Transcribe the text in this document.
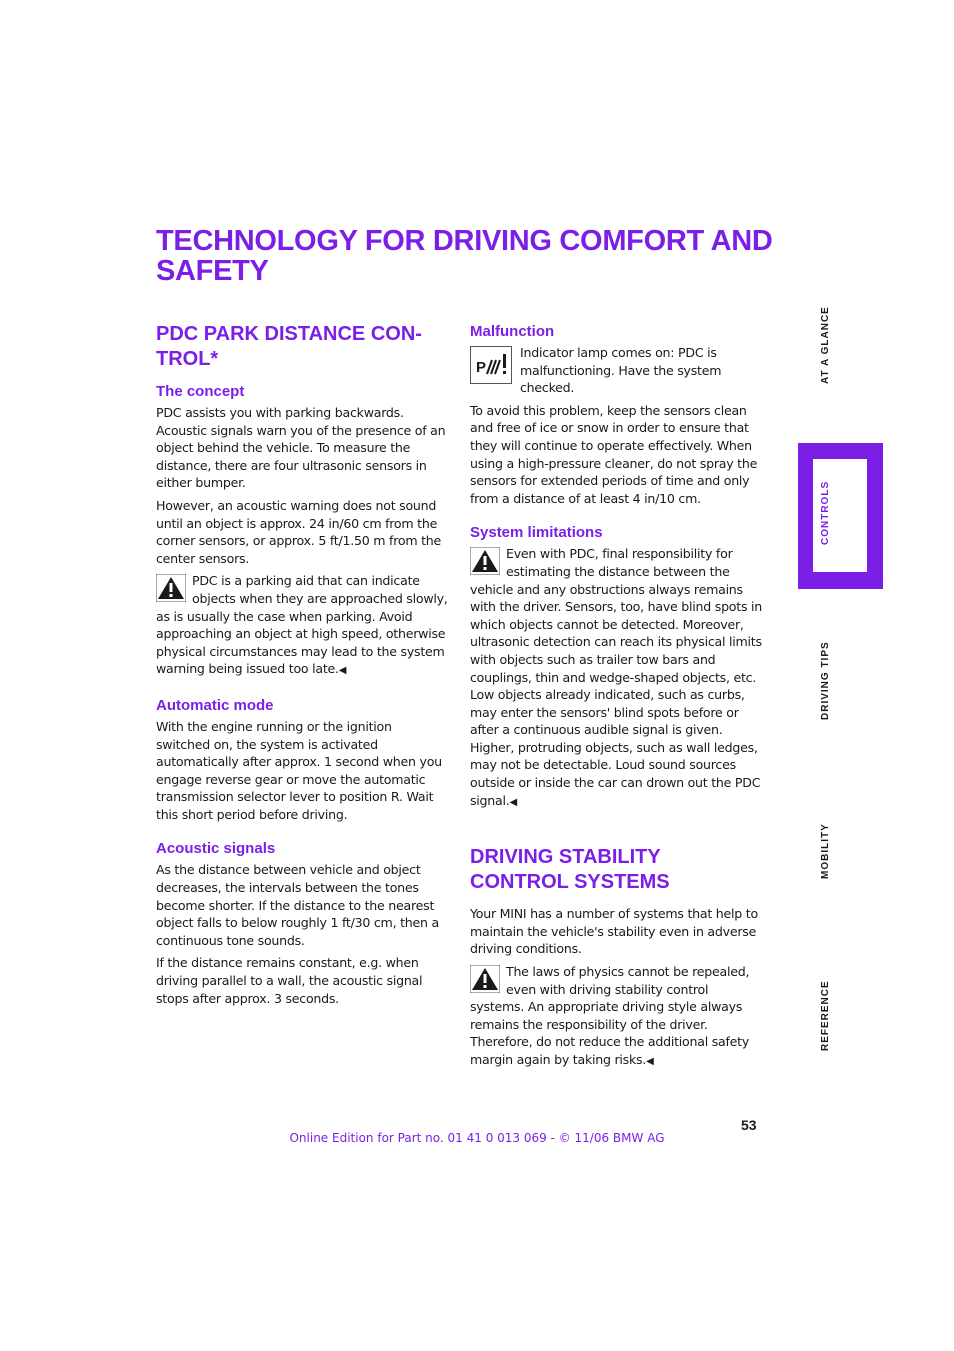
TECHNOLOGY FOR DRIVING COMFORT AND SAFETY
PDC PARK DISTANCE CON-TROL*
The concept

PDC assists you with parking backwards. Acoustic signals warn you of the presence of an object behind the vehicle. To measure the distance, there are four ultrasonic sensors in either bumper.

However, an acoustic warning does not sound until an object is approx. 24 in/60 cm from the corner sensors, or approx. 5 ft/1.50 m from the center sensors.

PDC is a parking aid that can indicate objects when they are approached slowly, as is usually the case when parking. Avoid approaching an object at high speed, otherwise physical circumstances may lead to the system warning being issued too late.◀

Automatic mode

With the engine running or the ignition switched on, the system is activated automatically after approx. 1 second when you engage reverse gear or move the automatic transmission selector lever to position R. Wait this short period before driving.

Acoustic signals

As the distance between vehicle and object decreases, the intervals between the tones become shorter. If the distance to the nearest object falls to below roughly 1 ft/30 cm, then a continuous tone sounds.

If the distance remains constant, e.g. when driving parallel to a wall, the acoustic signal stops after approx. 3 seconds.

Malfunction

P
Indicator lamp comes on: PDC is malfunctioning. Have the system checked.

To avoid this problem, keep the sensors clean and free of ice or snow in order to ensure that they will continue to operate effectively. When using a high-pressure cleaner, do not spray the sensors for extended periods of time and only from a distance of at least 4 in/10 cm.

System limitations

Even with PDC, final responsibility for estimating the distance between the vehicle and any obstructions always remains with the driver. Sensors, too, have blind spots in which objects cannot be detected. Moreover, ultrasonic detection can reach its physical limits with objects such as trailer tow bars and couplings, thin and wedge-shaped objects, etc. Low objects already indicated, such as curbs, may enter the sensors' blind spots before or after a continuous audible signal is given. Higher, protruding objects, such as wall ledges, may not be detectable. Loud sound sources outside or inside the car can drown out the PDC signal.◀

DRIVING STABILITY CONTROL SYSTEMS

Your MINI has a number of systems that help to maintain the vehicle's stability even in adverse driving conditions.

The laws of physics cannot be repealed, even with driving stability control systems. An appropriate driving style always remains the responsibility of the driver. Therefore, do not reduce the additional safety margin again by taking risks.◀

AT A GLANCE
CONTROLS
DRIVING TIPS
MOBILITY
REFERENCE
53
Online Edition for Part no. 01 41 0 013 069 - © 11/06 BMW AG
